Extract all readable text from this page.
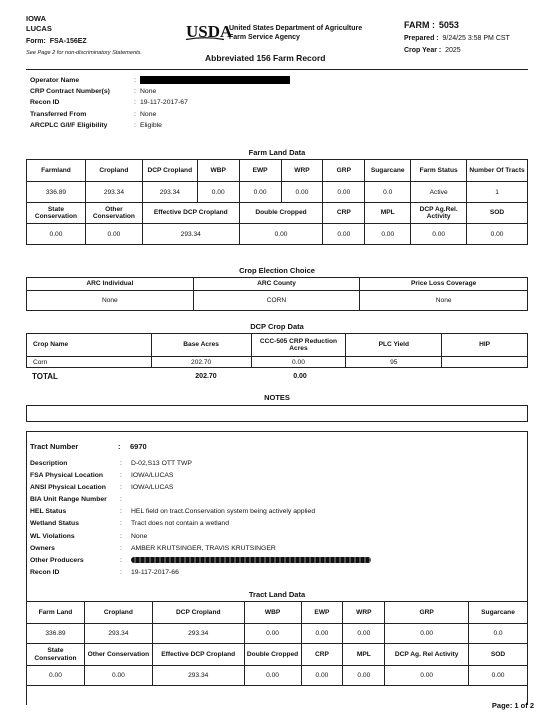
IOWA
LUCAS
Form: FSA-156EZ
See Page 2 for non-discriminatory Statements.
USDA
United States Department of Agriculture
Farm Service Agency
Abbreviated 156 Farm Record
FARM : 5053
Prepared : 9/24/25 3:58 PM CST
Crop Year : 2025
Operator Name	:
CRP Contract Number(s)	: None
Recon ID	: 19-117-2017-67
Transferred From	: None
ARCPLC G/I/F Eligibility	: Eligible
Farm Land Data
Farmland	Cropland	DCP Cropland	WBP	EWP	WRP	GRP	Sugarcane	Farm Status	Number Of Tracts
336.89	293.34	293.34	0.00	0.00	0.00	0.00	0.0	Active	1
State Conservation	Other Conservation	Effective DCP Cropland		Double Cropped		CRP	MPL	DCP Ag.Rel. Activity	SOD
0.00	0.00	293.34		0.00		0.00	0.00	0.00	0.00
Crop Election Choice
ARC Individual	ARC County	Price Loss Coverage
None	CORN	None
DCP Crop Data
Crop Name	Base Acres	CCC-505 CRP Reduction Acres	PLC Yield	HIP
Corn	202.70	0.00	95	
TOTAL	202.70	0.00
NOTES
Tract Number	: 6970
Description	: D-02,S13 OTT TWP
FSA Physical Location : IOWA/LUCAS
ANSI Physical Location : IOWA/LUCAS
BIA Unit Range Number :
HEL Status	: HEL field on tract.Conservation system being actively applied
Wetland Status	: Tract does not contain a wetland
WL Violations	: None
Owners	: AMBER KRUTSINGER, TRAVIS KRUTSINGER
Other Producers	:
Recon ID	: 19-117-2017-66
Tract Land Data
Farm Land	Cropland	DCP Cropland	WBP	EWP	WRP	GRP	Sugarcane
336.89	293.34	293.34	0.00	0.00	0.00	0.00	0.0
State Conservation	Other Conservation	Effective DCP Cropland	Double Cropped	CRP	MPL	DCP Ag. Rel Activity	SOD
0.00	0.00	293.34	0.00	0.00	0.00	0.00	0.00
Page: 1 of 2
